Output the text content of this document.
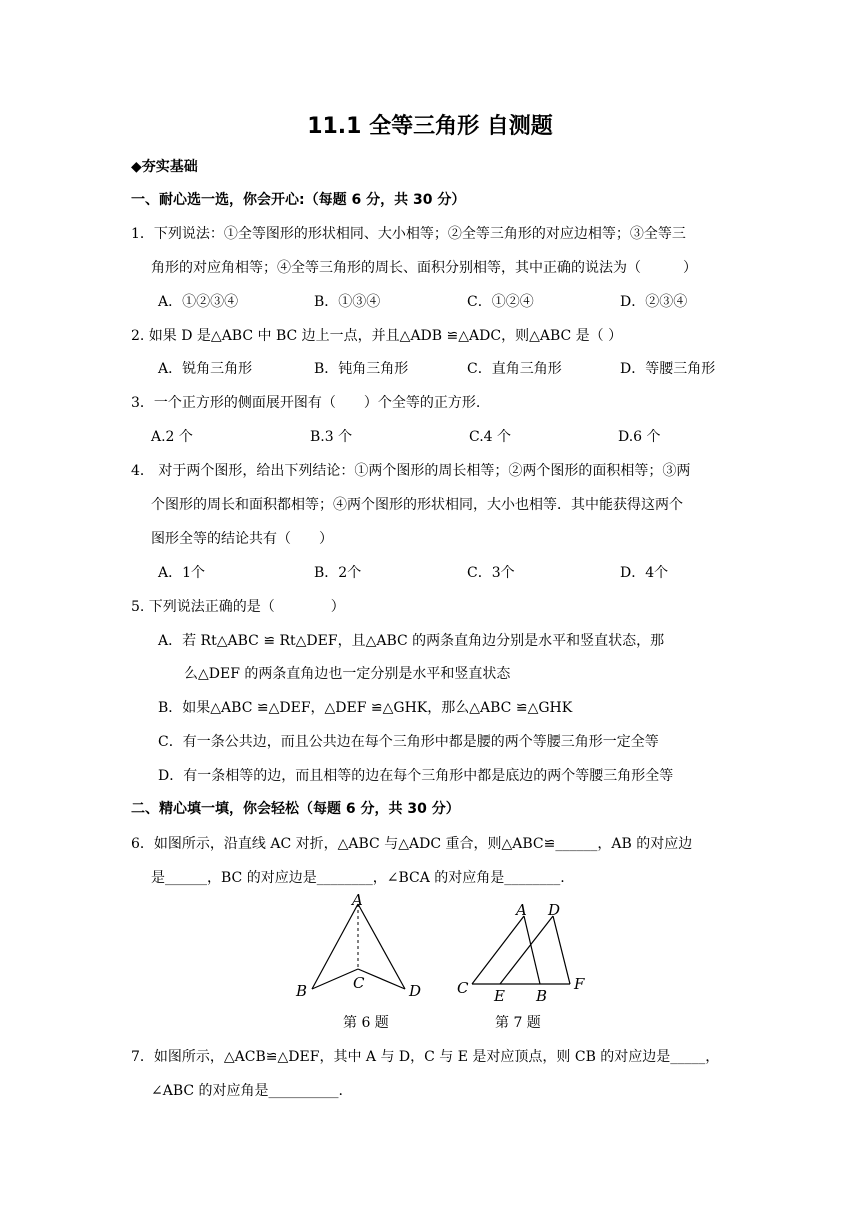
11.1 全等三角形 自测题
◆夯实基础
一、耐心选一选，你会开心:（每题 6 分，共 30 分）
1．下列说法：①全等图形的形状相同、大小相等；②全等三角形的对应边相等；③全等三
角形的对应角相等；④全等三角形的周长、面积分别相等，其中正确的说法为（　　　）
A．①②③④	B．①③④	C．①②④	D．②③④
2. 如果 D 是△ABC 中 BC 边上一点，并且△ADB ≌△ADC，则△ABC 是（ ）
A．锐角三角形	B．钝角三角形	C．直角三角形	D．等腰三角形
3．一个正方形的侧面展开图有（　　）个全等的正方形.
A.2 个	B.3 个	C.4 个	D.6 个
4． 对于两个图形，给出下列结论：①两个图形的周长相等；②两个图形的面积相等；③两
个图形的周长和面积都相等；④两个图形的形状相同，大小也相等．其中能获得这两个
图形全等的结论共有（　　）
A．1个	B．2个	C．3个	D．4个
5. 下列说法正确的是（　　　　）
A．若 Rt△ABC ≌ Rt△DEF，且△ABC 的两条直角边分别是水平和竖直状态，那
么△DEF 的两条直角边也一定分别是水平和竖直状态
B．如果△ABC ≌△DEF，△DEF ≌△GHK，那么△ABC ≌△GHK
C．有一条公共边，而且公共边在每个三角形中都是腰的两个等腰三角形一定全等
D．有一条相等的边，而且相等的边在每个三角形中都是底边的两个等腰三角形全等
二、精心填一填，你会轻松（每题 6 分，共 30 分）
6．如图所示，沿直线 AC 对折，△ABC 与△ADC 重合，则△ABC≌______，AB 的对应边
是______，BC 的对应边是________，∠BCA 的对应角是________.
A
B	C	D
第 6 题
A D
C E B
F
第 7 题
7．如图所示，△ACB≌△DEF，其中 A 与 D，C 与 E 是对应顶点，则 CB 的对应边是_____，
∠ABC 的对应角是__________.
